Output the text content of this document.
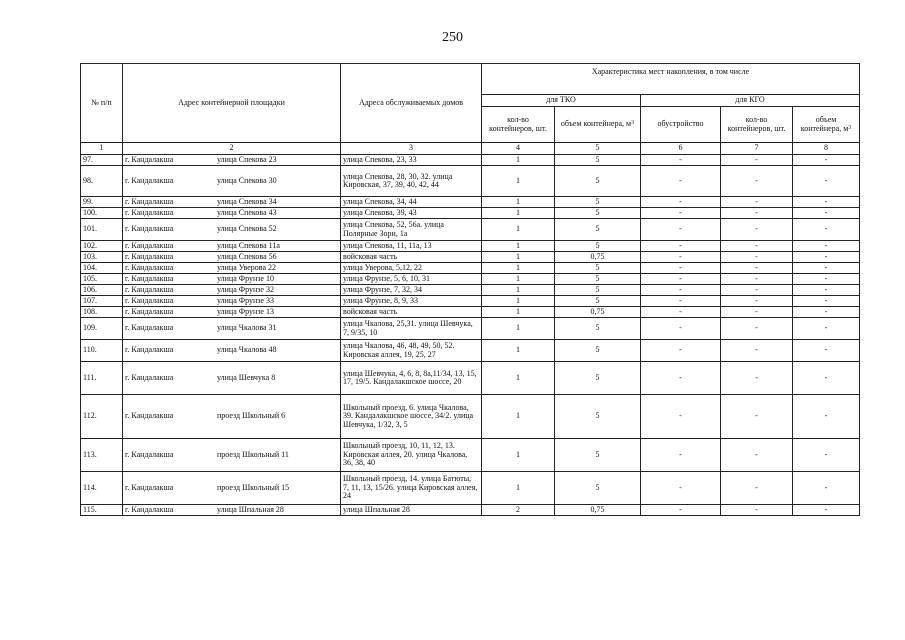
250
№ п/п	Адрес контейнерной площадки	Адреса обслуживаемых домов	Характеристика мест накопления, в том числе				
			для ТКО		для КГО		
			кол-во контейнеров, шт.	объем контейнера, $м^3$	обустройство	кол-во контейнеров, шт.	объем контейнера, $м^3$
1	2	3	4	5	6	7	8
97.	г. Кандалакша улица Спекова 23	улица Спекова, 23, 33	1	5	-	-	-
98.	г. Кандалакша улица Спекова 30	улица Спекова, 28, 30, 32. улица Кировская, 37, 39, 40, 42, 44	1	5	-	-	-
99.	г. Кандалакша улица Спекова 34	улица Спекова, 34, 44	1	5	-	-	-
100.	г. Кандалакша улица Спекова 43	улица Спекова, 39, 43	1	5	-	-	-
101.	г. Кандалакша улица Спекова 52	улица Спекова, 52, 56а. улица Полярные Зори, 1а	1	5	-	-	-
102.	г. Кандалакша улица Спекова 11а	улица Спекова, 11, 11а, 13	1	5	-	-	-
103.	г. Кандалакша улица Спекова 56	войсковая часть	1	0,75	-	-	-
104.	г. Кандалакша улица Уверова 22	улица Уверова, 5,12, 22	1	5	-	-	-
105.	г. Кандалакша улица Фрунзе 10	улица Фрунзе, 5, 6, 10, 31	1	5	-	-	-
106.	г. Кандалакша улица Фрунзе 32	улица Фрунзе, 7, 32, 34	1	5	-	-	-
107.	г. Кандалакша улица Фрунзе 33	улица Фрунзе, 8, 9, 33	1	5	-	-	-
108.	г. Кандалакша улица Фрунзе 13	войсковая часть	1	0,75	-	-	-
109.	г. Кандалакша улица Чкалова 31	улица Чкалова, 25,31. улица Шевчука, 7, 9/35, 10	1	5	-	-	-
110.	г. Кандалакша улица Чкалова 48	улица Чкалова, 46, 48, 49, 50, 52. Кировская аллея, 19, 25, 27	1	5	-	-	-
111.	г. Кандалакша улица Шевчука 8	улица Шевчука, 4, 6, 8, 8а,11/34, 13, 15, 17, 19/5. Кандалакшское шоссе, 20	1	5	-	-	-
112.	г. Кандалакша проезд Школьный 6	Школьный проезд, 6. улица Чкалова, 39. Кандалакшское шоссе, 34/2. улица Шевчука, 1/32, 3, 5	1	5	-	-	-
113.	г. Кандалакша проезд Школьный 11	Школьный проезд, 10, 11, 12, 13. Кировская аллея, 20. улица Чкалова, 36, 38, 40	1	5	-	-	-
114.	г. Кандалакша проезд Школьный 15	Школьный проезд, 14. улица Батюты, 7, 11, 13, 15/26. улица Кировская аллея, 24	1	5	-	-	-
115.	г. Кандалакша улица Шпальная 28	улица Шпальная 28	2	0,75	-	-	-
